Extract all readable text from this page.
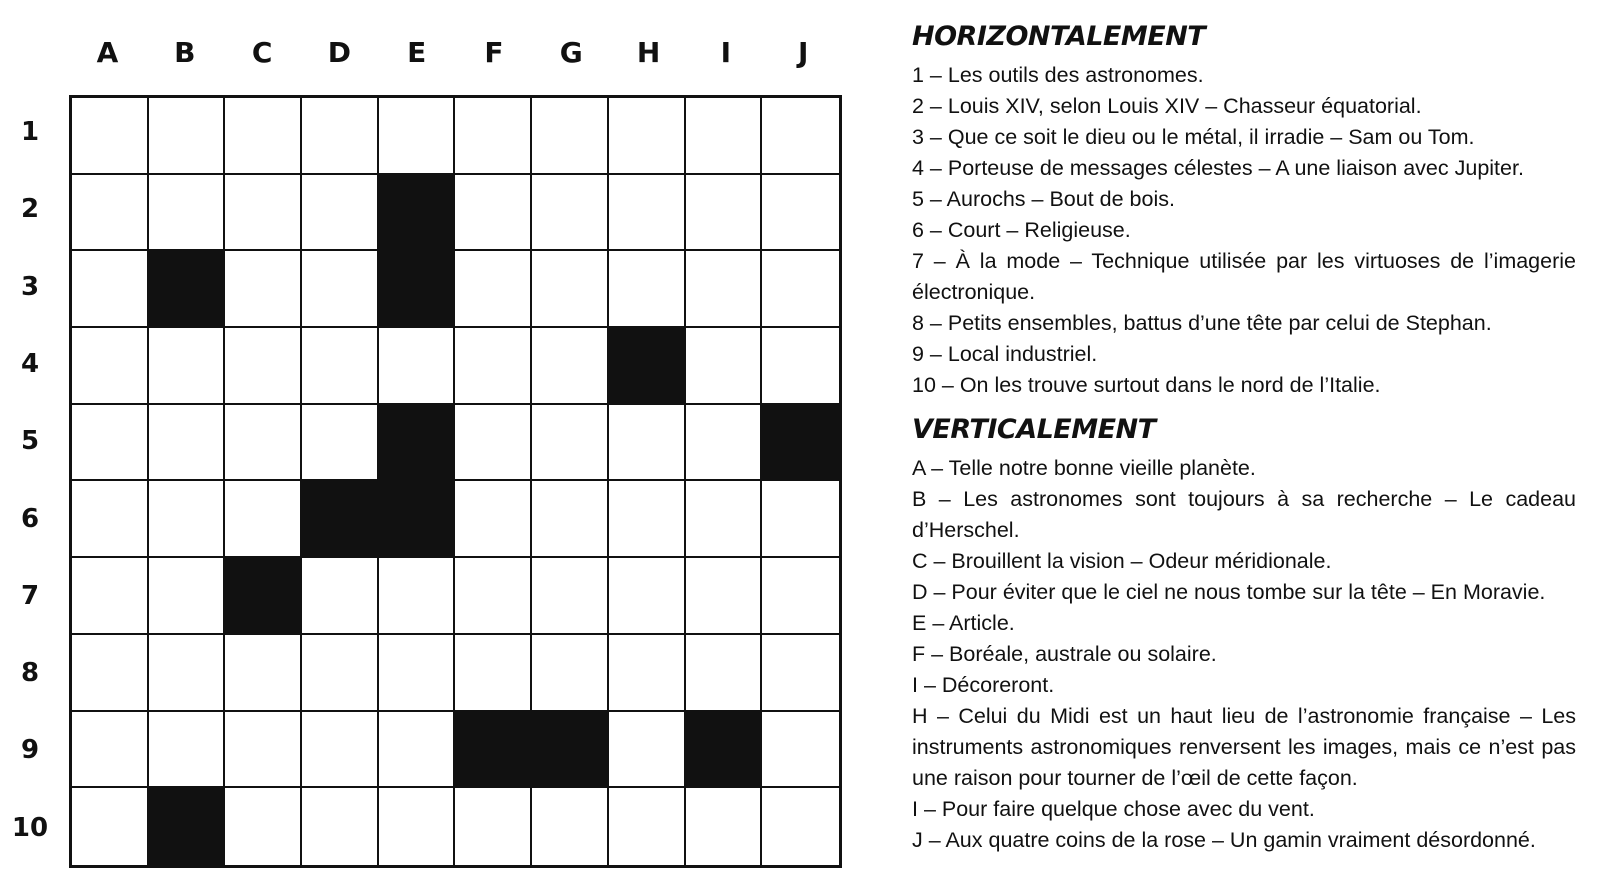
A	B	C	D	E	F	G	H	I	J
1
2
3
4
5
6
7
8
9
10
HORIZONTALEMENT
1 – Les outils des astronomes.
2 – Louis XIV, selon Louis XIV – Chasseur équatorial.
3 – Que ce soit le dieu ou le métal, il irradie – Sam ou Tom.
4 – Porteuse de messages célestes – A une liaison avec Jupiter.
5 – Aurochs – Bout de bois.
6 – Court – Religieuse.
7 – À la mode – Technique utilisée par les virtuoses de l’imagerie électronique.
8 – Petits ensembles, battus d’une tête par celui de Stephan.
9 – Local industriel.
10 – On les trouve surtout dans le nord de l’Italie.
VERTICALEMENT
A – Telle notre bonne vieille planète.
B – Les astronomes sont toujours à sa recherche – Le cadeau d’Herschel.
C – Brouillent la vision – Odeur méridionale.
D – Pour éviter que le ciel ne nous tombe sur la tête – En Moravie.
E – Article.
F – Boréale, australe ou solaire.
I – Décoreront.
H – Celui du Midi est un haut lieu de l’astronomie française – Les instruments astronomiques renversent les images, mais ce n’est pas une raison pour tourner de l’œil de cette façon.
I – Pour faire quelque chose avec du vent.
J – Aux quatre coins de la rose – Un gamin vraiment désordonné.
